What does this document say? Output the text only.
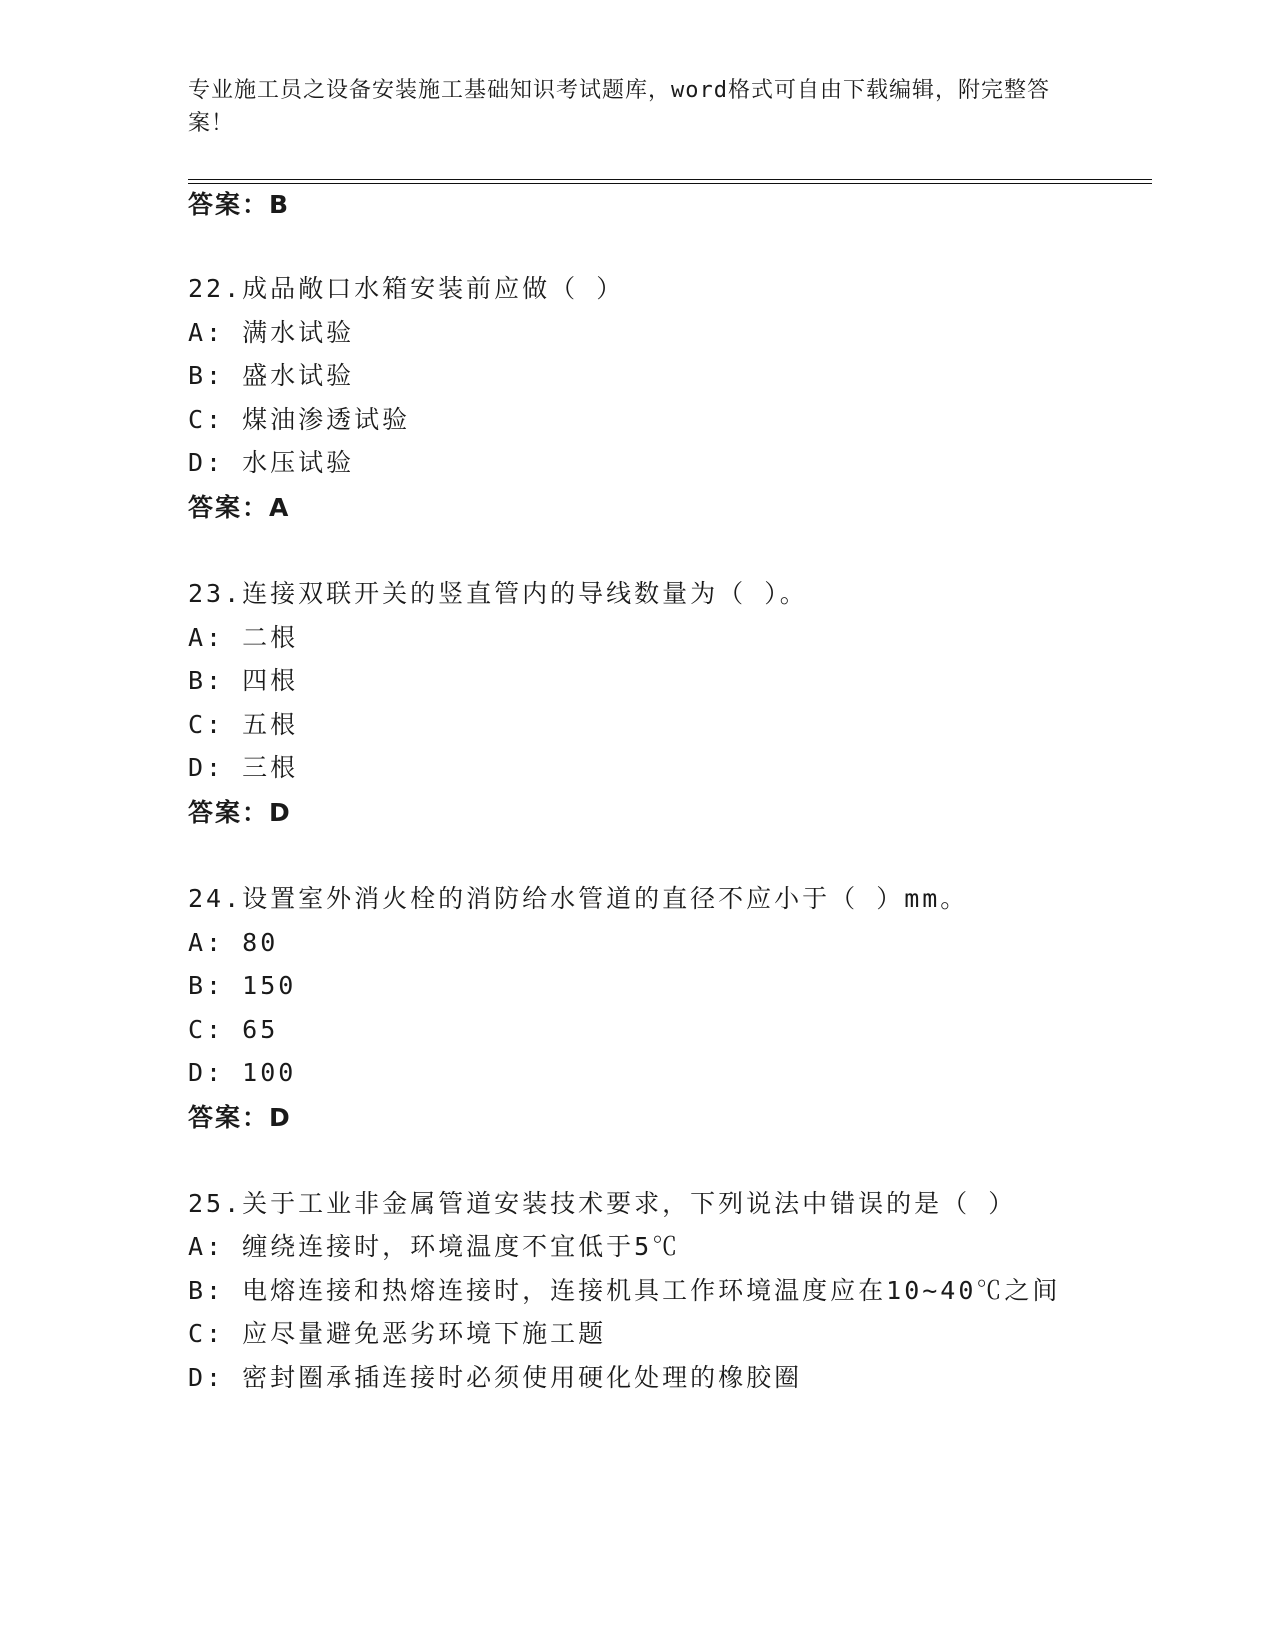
专业施工员之设备安装施工基础知识考试题库，word格式可自由下载编辑，附完整答案！
答案：B
22.成品敞口水箱安装前应做（ ）
A: 满水试验
B: 盛水试验
C: 煤油渗透试验
D: 水压试验
答案：A
23.连接双联开关的竖直管内的导线数量为（ ）。
A: 二根
B: 四根
C: 五根
D: 三根
答案：D
24.设置室外消火栓的消防给水管道的直径不应小于（ ）mm。
A: 80
B: 150
C: 65
D: 100
答案：D
25.关于工业非金属管道安装技术要求，下列说法中错误的是（ ）
A: 缠绕连接时，环境温度不宜低于5℃
B: 电熔连接和热熔连接时，连接机具工作环境温度应在10~40℃之间
C: 应尽量避免恶劣环境下施工题
D: 密封圈承插连接时必须使用硬化处理的橡胶圈
